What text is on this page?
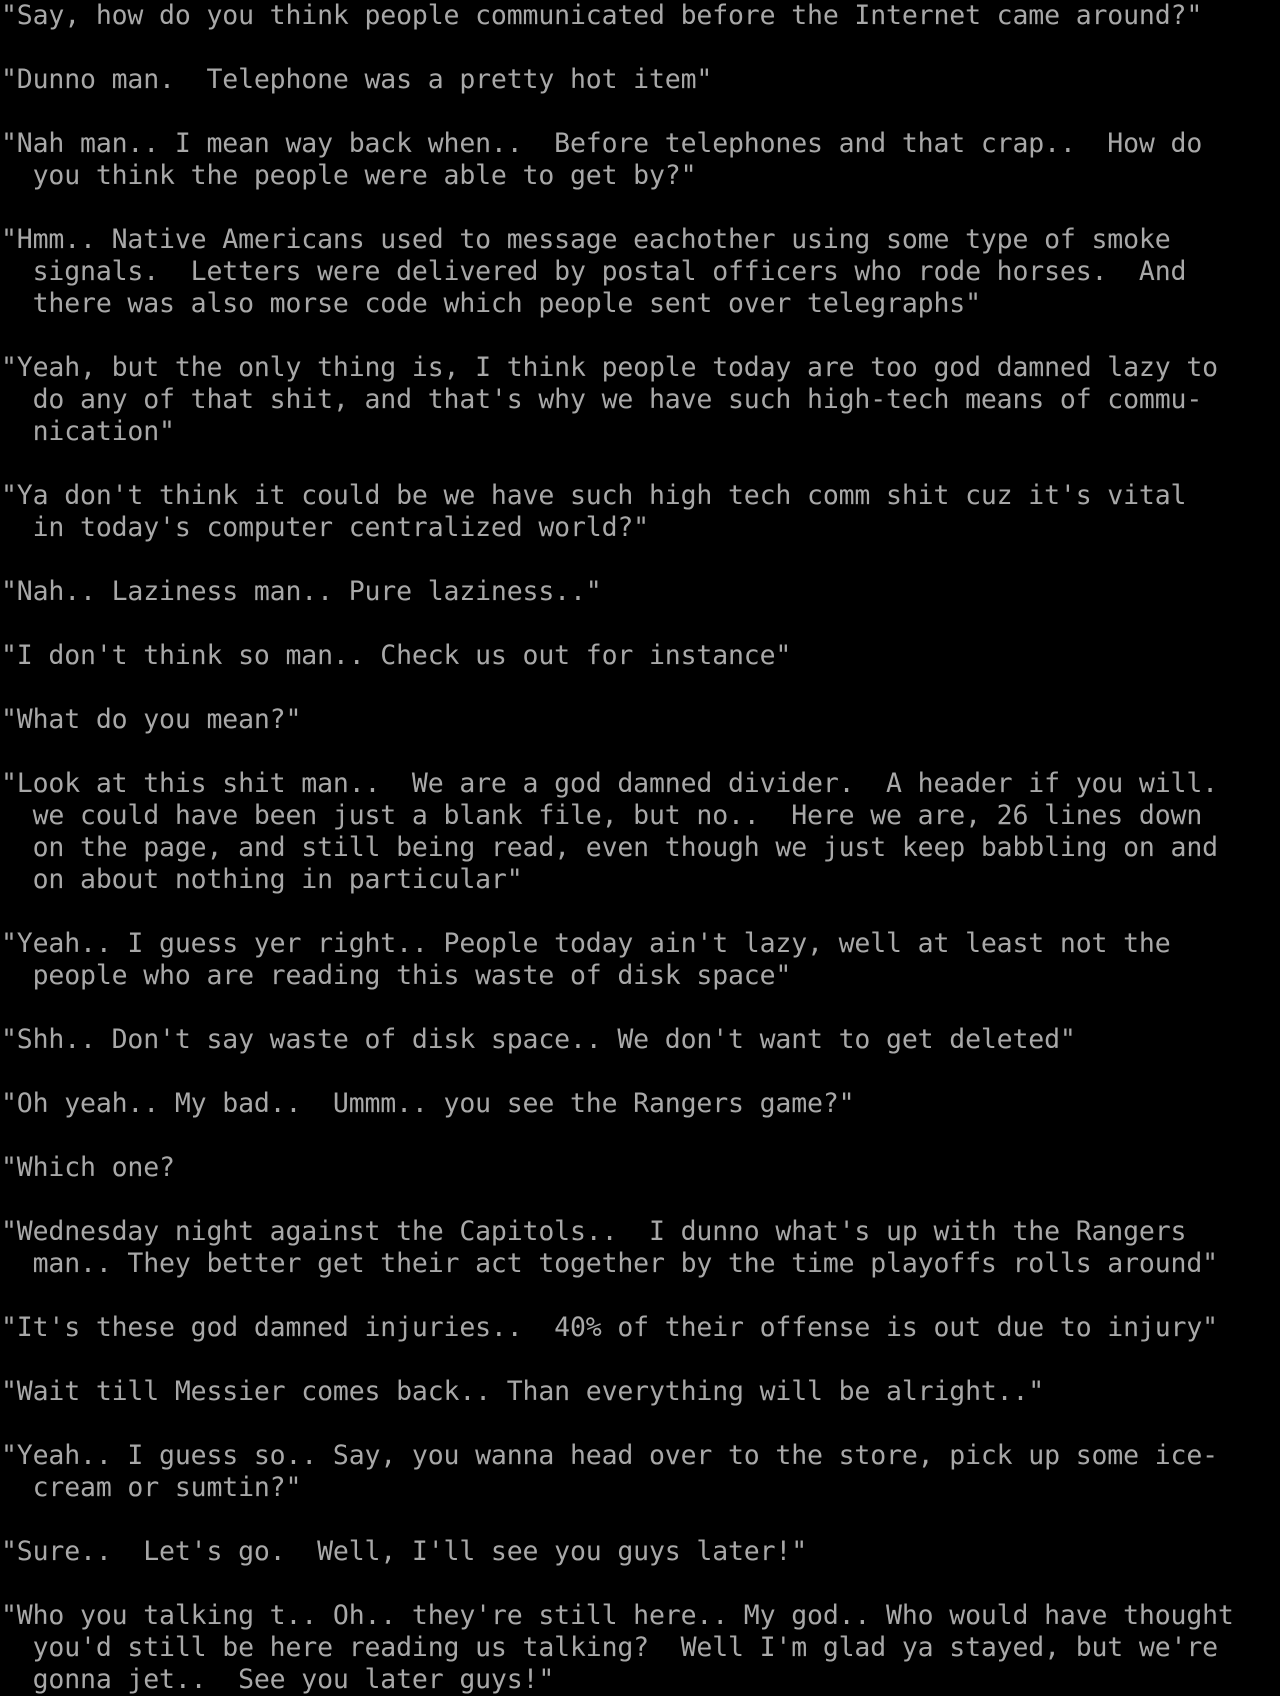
"Say, how do you think people communicated before the Internet came around?"
"Dunno man.  Telephone was a pretty hot item"
"Nah man.. I mean way back when..  Before telephones and that crap..  How do
you think the people were able to get by?"
"Hmm.. Native Americans used to message eachother using some type of smoke
signals.  Letters were delivered by postal officers who rode horses.  And
there was also morse code which people sent over telegraphs"
"Yeah, but the only thing is, I think people today are too god damned lazy to
do any of that shit, and that's why we have such high-tech means of commu-
nication"
"Ya don't think it could be we have such high tech comm shit cuz it's vital
in today's computer centralized world?"
"Nah.. Laziness man.. Pure laziness.."
"I don't think so man.. Check us out for instance"
"What do you mean?"
"Look at this shit man..  We are a god damned divider.  A header if you will.
we could have been just a blank file, but no..  Here we are, 26 lines down
on the page, and still being read, even though we just keep babbling on and
on about nothing in particular"
"Yeah.. I guess yer right.. People today ain't lazy, well at least not the
people who are reading this waste of disk space"
"Shh.. Don't say waste of disk space.. We don't want to get deleted"
"Oh yeah.. My bad..  Ummm.. you see the Rangers game?"
"Which one?
"Wednesday night against the Capitols..  I dunno what's up with the Rangers
man.. They better get their act together by the time playoffs rolls around"
"It's these god damned injuries..  40% of their offense is out due to injury"
"Wait till Messier comes back.. Than everything will be alright.."
"Yeah.. I guess so.. Say, you wanna head over to the store, pick up some ice-
cream or sumtin?"
"Sure..  Let's go.  Well, I'll see you guys later!"
"Who you talking t.. Oh.. they're still here.. My god.. Who would have thought
you'd still be here reading us talking?  Well I'm glad ya stayed, but we're
gonna jet..  See you later guys!"
